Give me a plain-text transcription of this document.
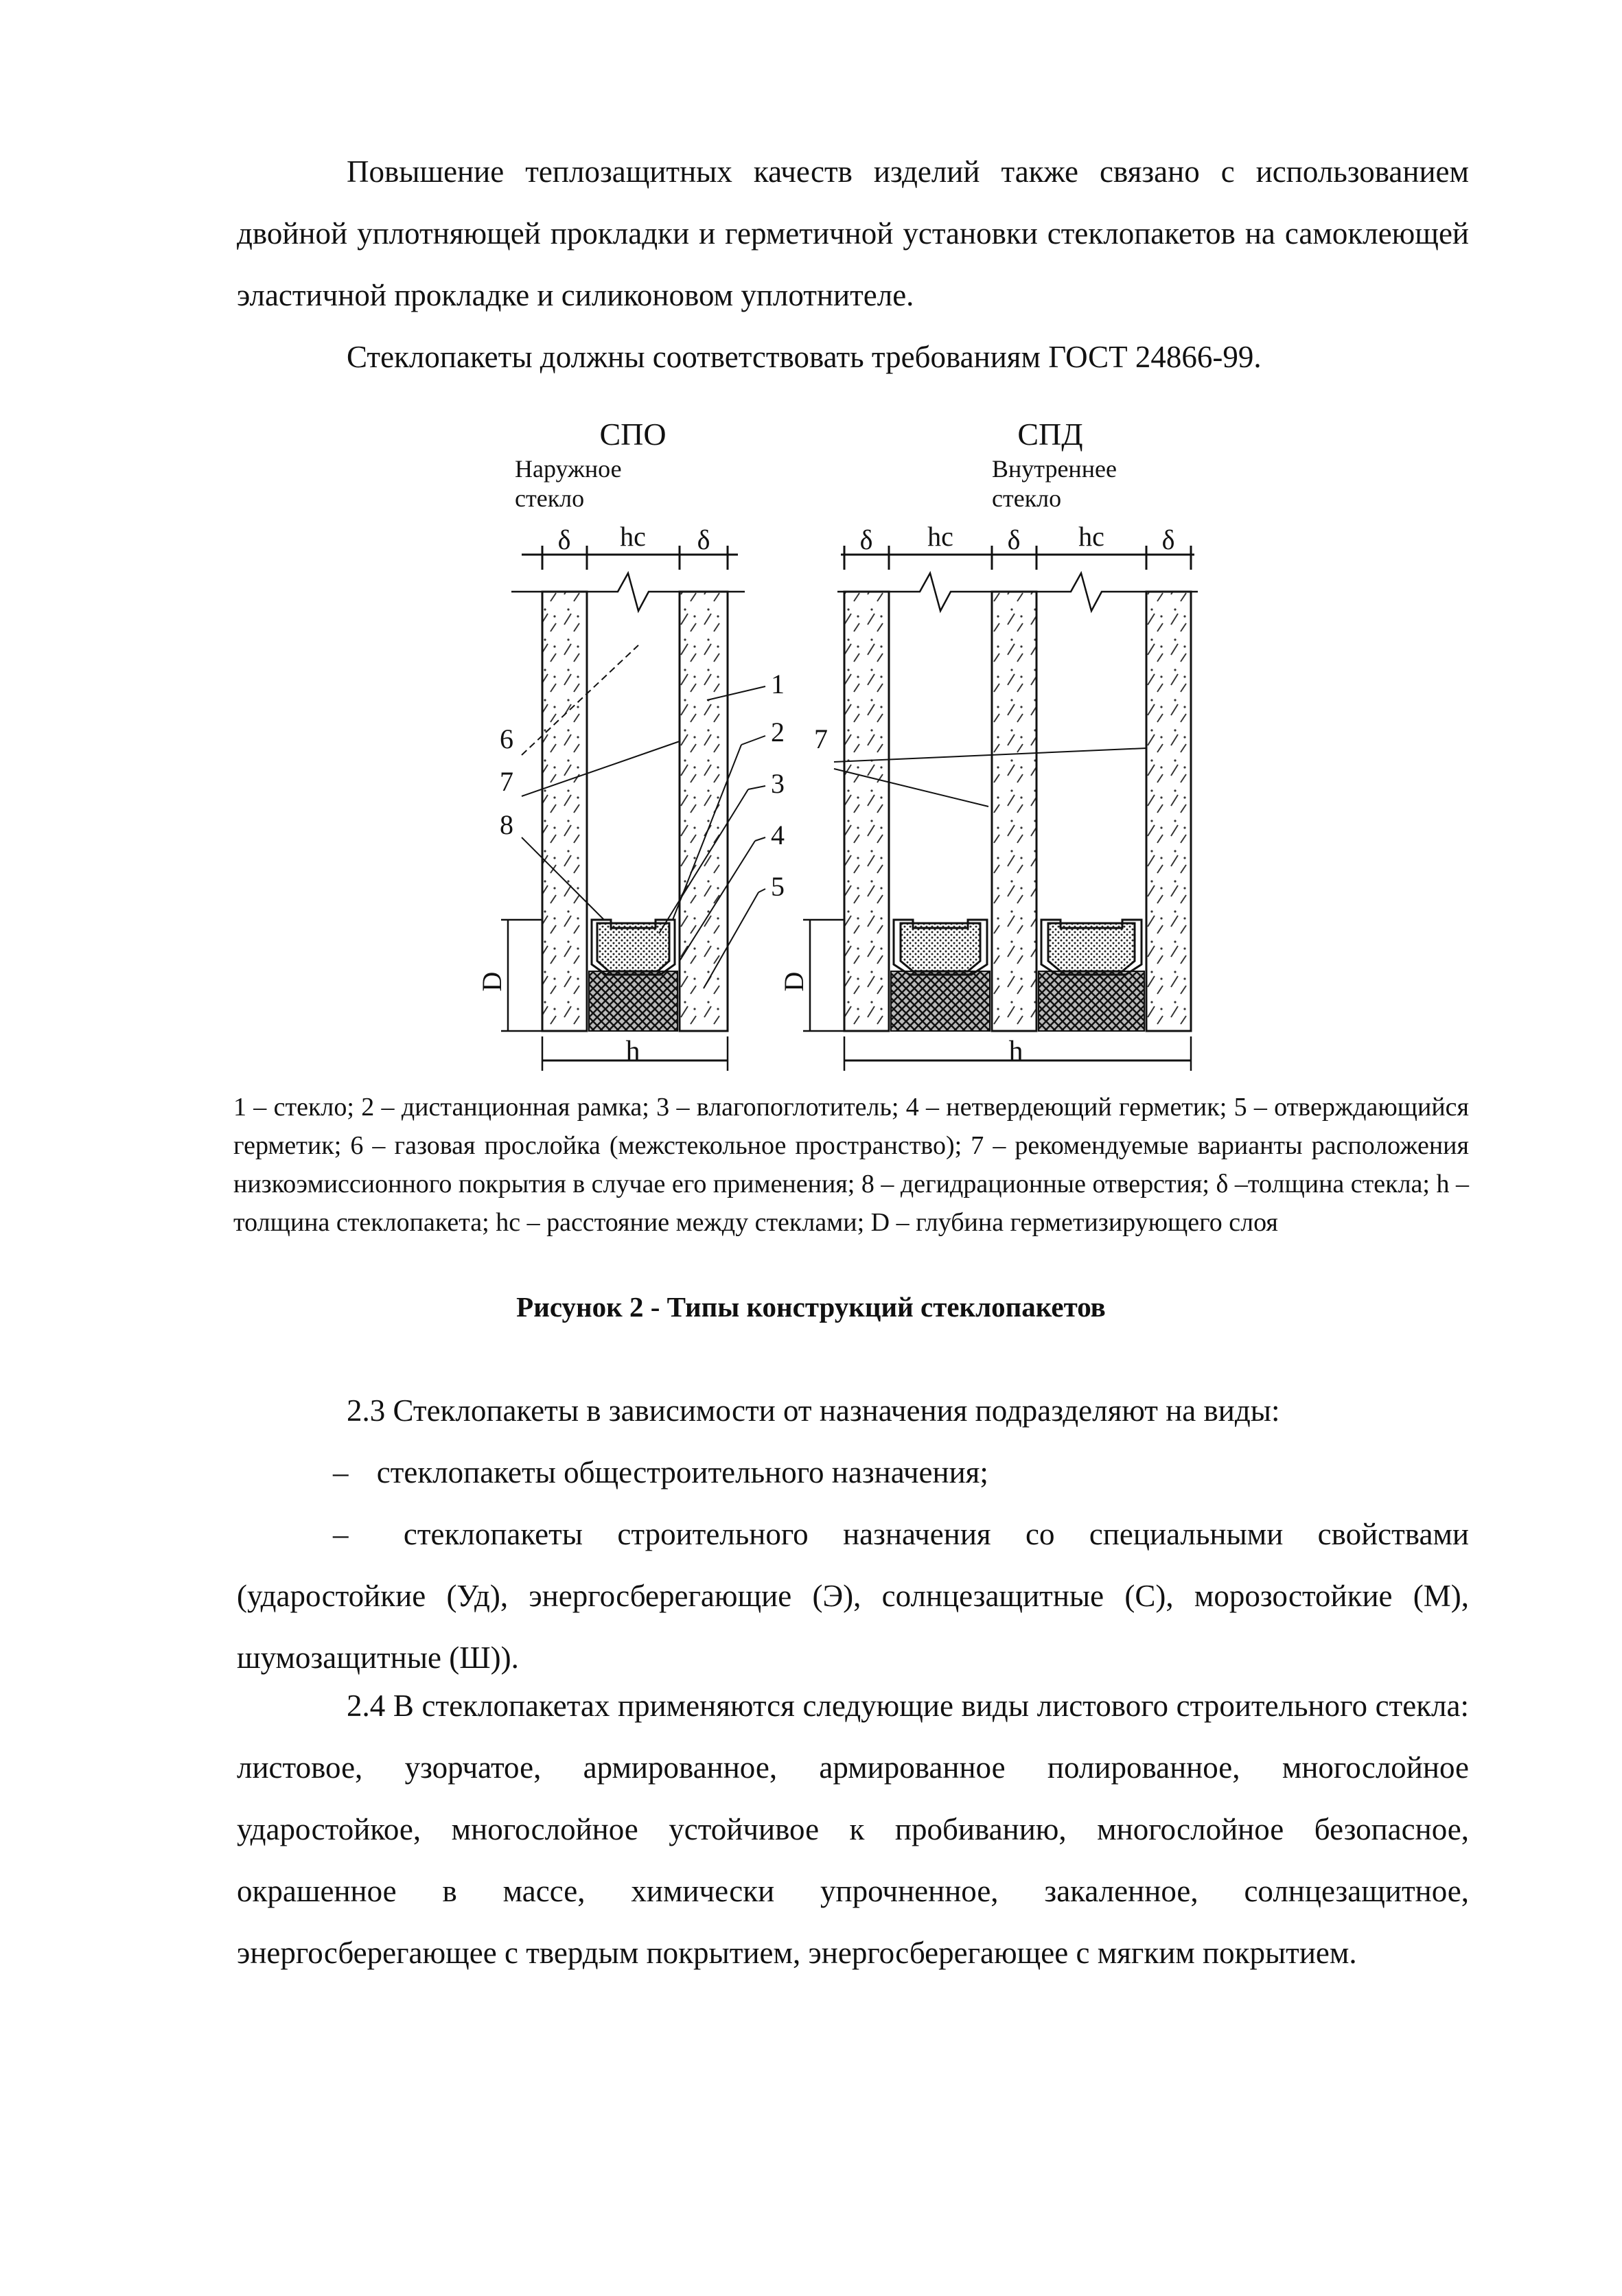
Повышение теплозащитных качеств изделий также связано с использованием двойной уплотняющей прокладки и герметичной установки стеклопакетов на самоклеющей эластичной прокладке и силиконовом уплотнителе.

Стеклопакеты должны соответствовать требованиям ГОСТ 24866-99.

СПО
Наружное
стекло
δ hc δ
D
h
1
2
3
4
5
6
7
8
СПД
Внутреннее
стекло
δ hc δ hc δ
D
h
7

1 – стекло; 2 – дистанционная рамка; 3 – влагопоглотитель; 4 – нетвердеющий герметик; 5 – отверждающийся герметик; 6 – газовая прослойка (межстекольное пространство); 7 – рекомендуемые варианты расположения низкоэмиссионного покрытия в случае его применения; 8 – дегидрационные отверстия; δ –толщина стекла; h –толщина стеклопакета; hс – расстояние между стеклами; D – глубина герметизирующего слоя

Рисунок 2 - Типы конструкций стеклопакетов

2.3 Стеклопакеты в зависимости от назначения подразделяют на виды:

– стеклопакеты общестроительного назначения;

– стеклопакеты строительного назначения со специальными свойствами (ударостойкие (Уд), энергосберегающие (Э), солнцезащитные (С), морозостойкие (М), шумозащитные (Ш)).

2.4 В стеклопакетах применяются следующие виды листового строительного стекла: листовое, узорчатое, армированное, армированное полированное, многослойное ударостойкое, многослойное устойчивое к пробиванию, многослойное безопасное, окрашенное в массе, химически упрочненное, закаленное, солнцезащитное, энергосберегающее с твердым покрытием, энергосберегающее с мягким покрытием.
